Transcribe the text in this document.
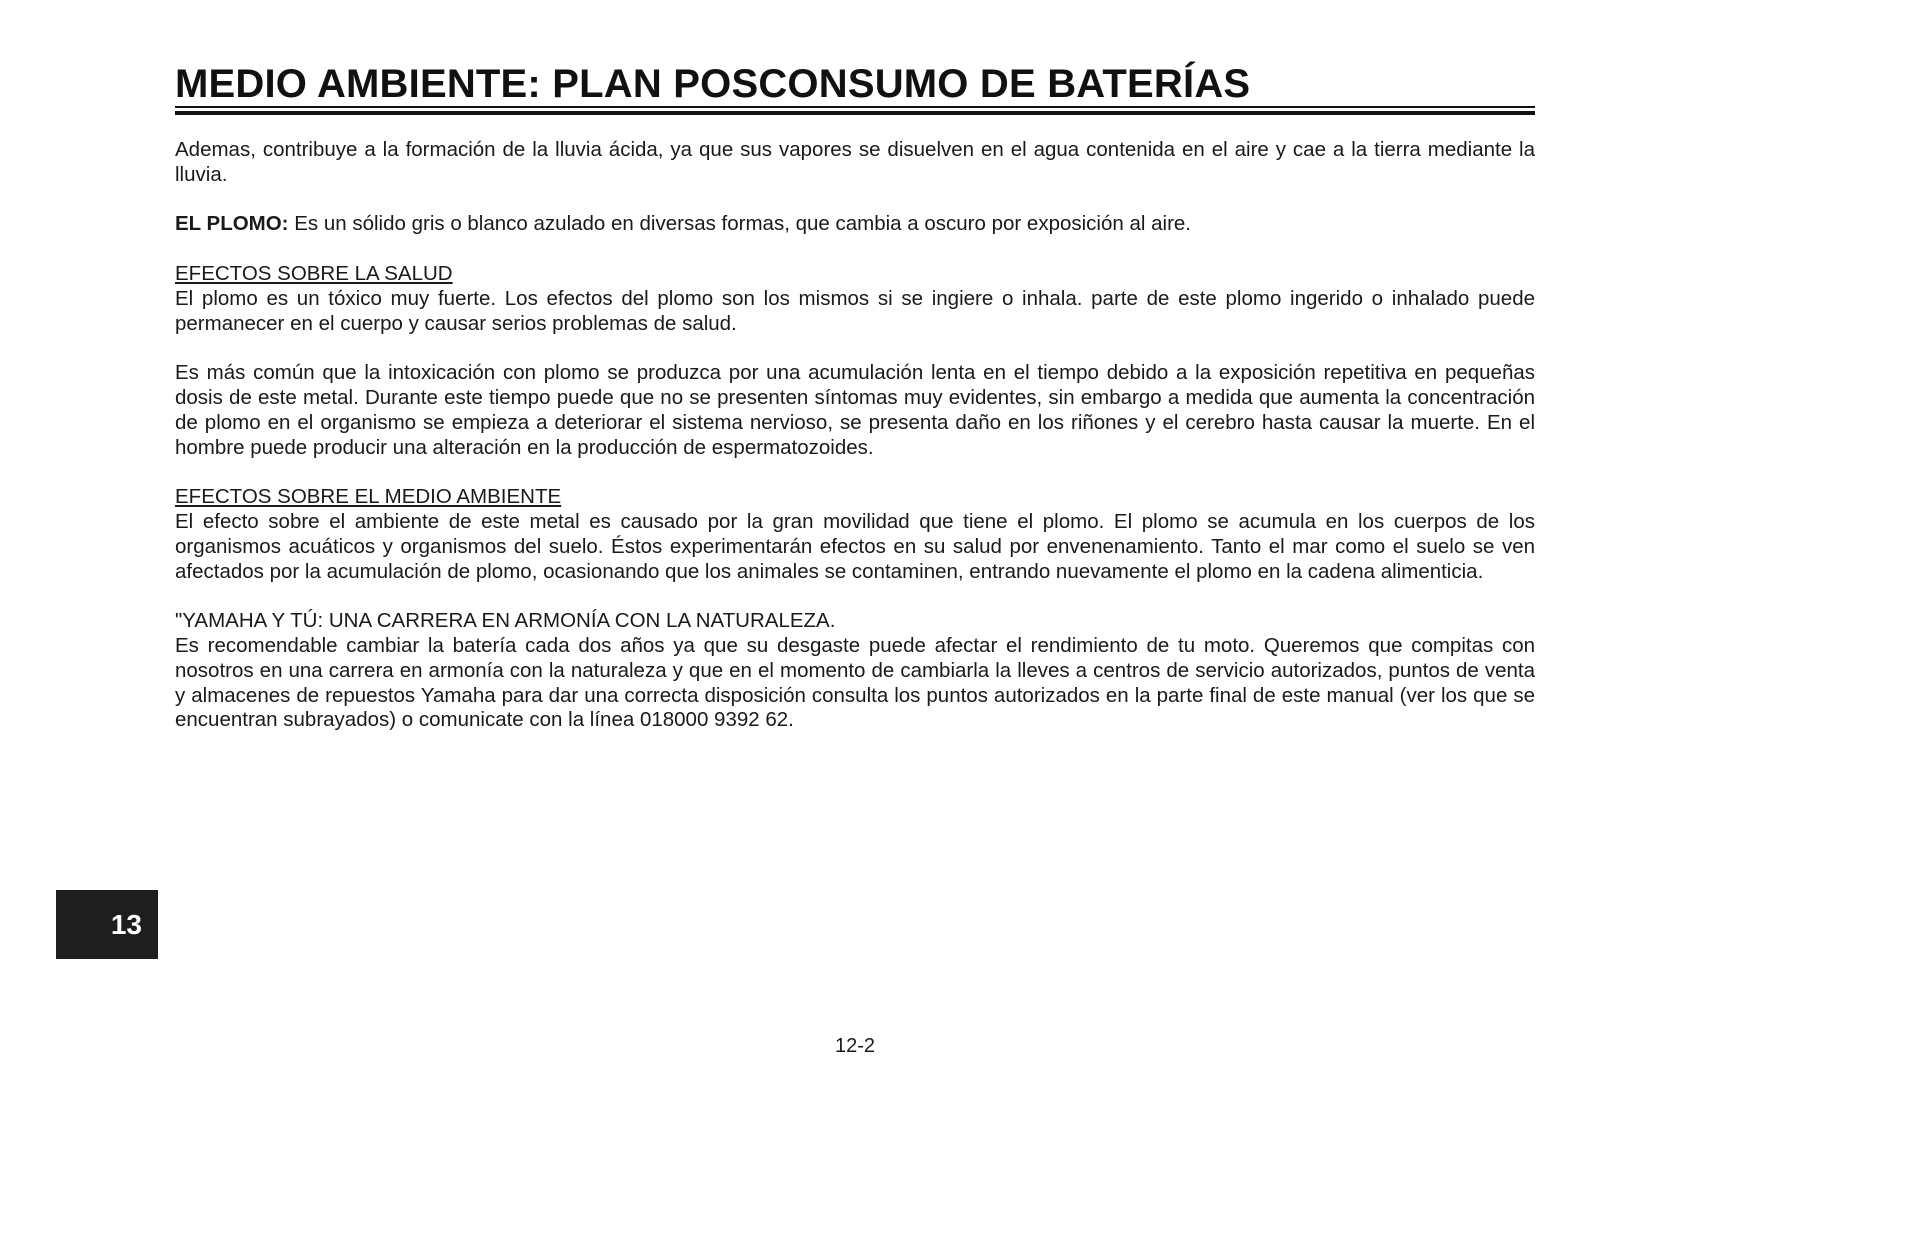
MEDIO AMBIENTE: PLAN POSCONSUMO DE BATERÍAS

Ademas, contribuye a la formación de la lluvia ácida, ya que sus vapores se disuelven en el agua contenida en el aire y cae a la tierra mediante la lluvia.

EL PLOMO: Es un sólido gris o blanco azulado en diversas formas, que cambia a oscuro por exposición al aire.

EFECTOS SOBRE LA SALUD

El plomo es un tóxico muy fuerte. Los efectos del plomo son los mismos si se ingiere o inhala. parte de este plomo ingerido o inhalado puede permanecer en el cuerpo y causar serios problemas de salud.

Es más común que la intoxicación con plomo se produzca por una acumulación lenta en el tiempo debido a la exposición repetitiva en pequeñas dosis de este metal. Durante este tiempo puede que no se presenten síntomas muy evidentes, sin embargo a medida que aumenta la concentración de plomo en el organismo se empieza a deteriorar el sistema nervioso, se presenta daño en los riñones y el cerebro hasta causar la muerte. En el hombre puede producir una alteración en la producción de espermatozoides.

EFECTOS SOBRE EL MEDIO AMBIENTE

El efecto sobre el ambiente de este metal es causado por la gran movilidad que tiene el plomo. El plomo se acumula en los cuerpos de los organismos acuáticos y organismos del suelo. Éstos experimentarán efectos en su salud por envenenamiento. Tanto el mar como el suelo se ven afectados por la acumulación de plomo, ocasionando que los animales se contaminen, entrando nuevamente el plomo en la cadena alimenticia.

"YAMAHA Y TÚ: UNA CARRERA EN ARMONÍA CON LA NATURALEZA.

Es recomendable cambiar la batería cada dos años ya que su desgaste puede afectar el rendimiento de tu moto. Queremos que compitas con nosotros en una carrera en armonía con la naturaleza y que en el momento de cambiarla la lleves a centros de servicio autorizados, puntos de venta y almacenes de repuestos Yamaha para dar una correcta disposición consulta los puntos autorizados en la parte final de este manual (ver los que se encuentran subrayados) o comunicate con la línea 018000 9392 62.

13
12-2
